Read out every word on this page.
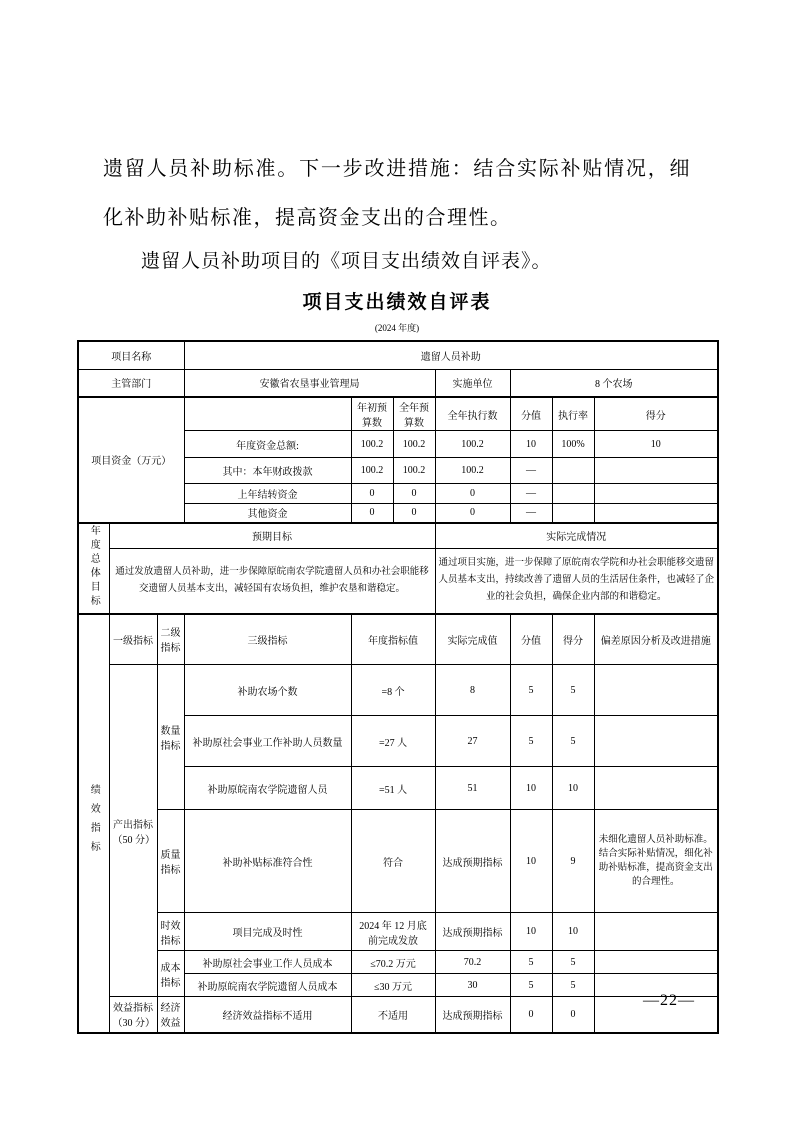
遗留人员补助标准。下一步改进措施：结合实际补贴情况，细化补助补贴标准，提高资金支出的合理性。

遗留人员补助项目的《项目支出绩效自评表》。

项目支出绩效自评表
(2024 年度)
项目名称			遗留人员补助						
主管部门			安徽省农垦事业管理局			实施单位	8 个农场		
项目资金（万元）				年初预算数	全年预算数	全年执行数	分值	执行率	得分
			年度资金总额:	100.2	100.2	100.2	10	100%	10
			其中：本年财政拨款	100.2	100.2	100.2	—		
			上年结转资金	0	0	0	—		
			其他资金	0	0	0	—		
年度总体目标	预期目标					实际完成情况			
	通过发放遗留人员补助，进一步保障原皖南农学院遗留人员和办社会职能移交遗留人员基本支出，减轻国有农场负担，维护农垦和谐稳定。					通过项目实施，进一步保障了原皖南农学院和办社会职能移交遗留人员基本支出，持续改善了遗留人员的生活居住条件，也减轻了企业的社会负担，确保企业内部的和谐稳定。			
绩效指标	一级指标	二级指标	三级指标	年度指标值		实际完成值	分值	得分	偏差原因分析及改进措施
	产出指标（50 分）	数量指标	补助农场个数	=8 个		8	5	5	
			补助原社会事业工作补助人员数量	=27 人		27	5	5	
			补助原皖南农学院遗留人员	=51 人		51	10	10	
		质量指标	补助补贴标准符合性	符合		达成预期指标	10	9	未细化遗留人员补助标准。结合实际补贴情况，细化补助补贴标准，提高资金支出的合理性。
		时效指标	项目完成及时性	2024 年 12 月底前完成发放		达成预期指标	10	10	
		成本指标	补助原社会事业工作人员成本	≤70.2 万元		70.2	5	5	
			补助原皖南农学院遗留人员成本	≤30 万元		30	5	5	
	效益指标（30 分）	经济效益	经济效益指标不适用	不适用		达成预期指标	0	0	
—22—
